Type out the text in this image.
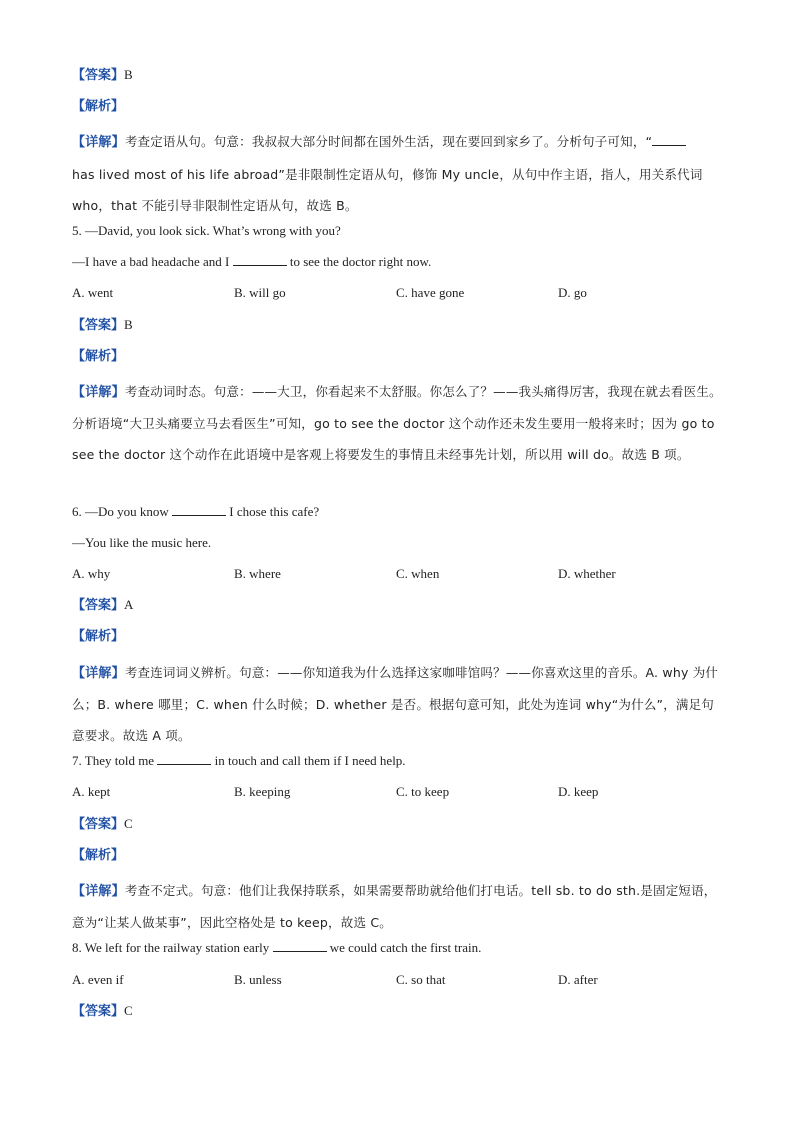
【答案】B
【解析】
【详解】考查定语从句。句意：我叔叔大部分时间都在国外生活，现在要回到家乡了。分析句子可知，“
has lived most of his life abroad”是非限制性定语从句，修饰 My uncle，从句中作主语，指人，用关系代词 who，that 不能引导非限制性定语从句，故选 B。
5. —David, you look sick. What’s wrong with you?
—I have a bad headache and I	to see the doctor right now.
A. went	B. will go	C. have gone	D. go
【答案】B
【解析】
【详解】考查动词时态。句意：——大卫，你看起来不太舒服。你怎么了？——我头痛得厉害，我现在就去看医生。分析语境“大卫头痛要立马去看医生”可知，go to see the doctor 这个动作还未发生要用一般将来时；因为 go to see the doctor 这个动作在此语境中是客观上将要发生的事情且未经事先计划，所以用 will do。故选 B 项。
6. —Do you know	I chose this cafe?
—You like the music here.
A. why	B. where	C. when	D. whether
【答案】A
【解析】
【详解】考查连词词义辨析。句意：——你知道我为什么选择这家咖啡馆吗？——你喜欢这里的音乐。A. why 为什么；B. where 哪里；C. when 什么时候；D. whether 是否。根据句意可知，此处为连词 why“为什么”，满足句意要求。故选 A 项。
7. They told me	in touch and call them if I need help.
A. kept	B. keeping	C. to keep	D. keep
【答案】C
【解析】
【详解】考查不定式。句意：他们让我保持联系，如果需要帮助就给他们打电话。tell sb. to do sth.是固定短语，意为“让某人做某事”，因此空格处是 to keep，故选 C。
8. We left for the railway station early	we could catch the first train.
A. even if	B. unless	C. so that	D. after
【答案】C
